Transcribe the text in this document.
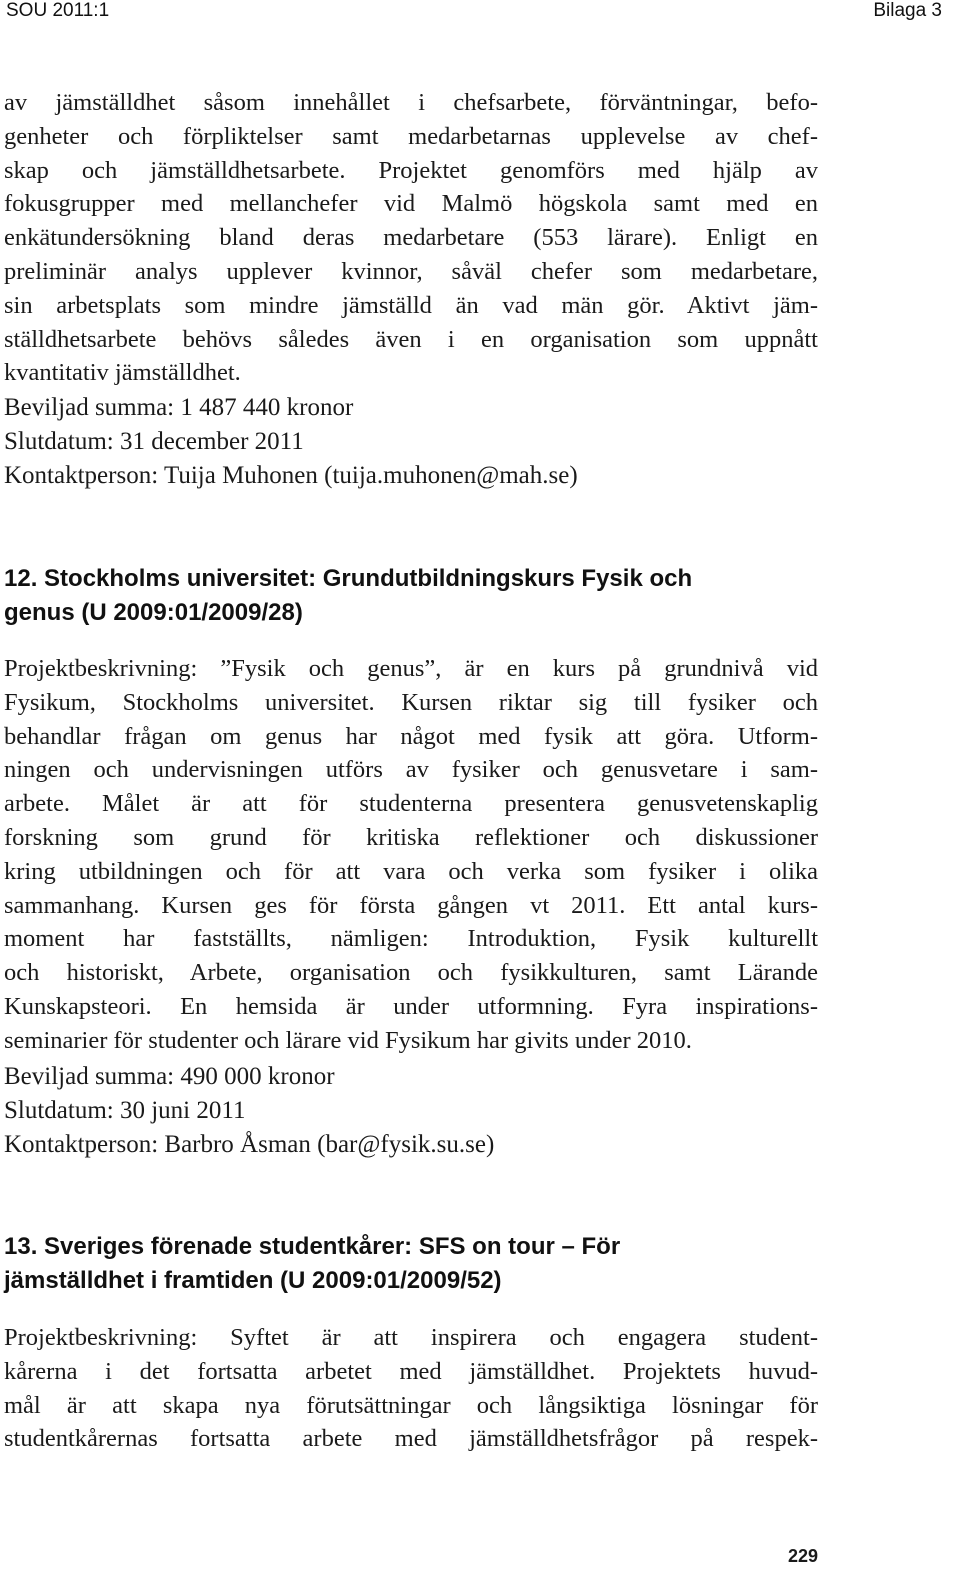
SOU 2011:1	Bilaga 3
av jämställdhet såsom innehållet i chefsarbete, förväntningar, befo-
genheter och förpliktelser samt medarbetarnas upplevelse av chef-
skap och jämställdhetsarbete. Projektet genomförs med hjälp av
fokusgrupper med mellanchefer vid Malmö högskola samt med en
enkätundersökning bland deras medarbetare (553 lärare). Enligt en
preliminär analys upplever kvinnor, såväl chefer som medarbetare,
sin arbetsplats som mindre jämställd än vad män gör. Aktivt jäm-
ställdhetsarbete behövs således även i en organisation som uppnått
kvantitativ jämställdhet.
Beviljad summa: 1 487 440 kronor
Slutdatum: 31 december 2011
Kontaktperson: Tuija Muhonen (tuija.muhonen@mah.se)
12. Stockholms universitet: Grundutbildningskurs Fysik och
genus (U 2009:01/2009/28)
Projektbeskrivning: ”Fysik och genus”, är en kurs på grundnivå vid
Fysikum, Stockholms universitet. Kursen riktar sig till fysiker och
behandlar frågan om genus har något med fysik att göra. Utform-
ningen och undervisningen utförs av fysiker och genusvetare i sam-
arbete. Målet är att för studenterna presentera genusvetenskaplig
forskning som grund för kritiska reflektioner och diskussioner
kring utbildningen och för att vara och verka som fysiker i olika
sammanhang. Kursen ges för första gången vt 2011. Ett antal kurs-
moment har fastställts, nämligen: Introduktion, Fysik kulturellt
och historiskt, Arbete, organisation och fysikkulturen, samt Lärande
Kunskapsteori. En hemsida är under utformning. Fyra inspirations-
seminarier för studenter och lärare vid Fysikum har givits under 2010.
Beviljad summa: 490 000 kronor
Slutdatum: 30 juni 2011
Kontaktperson: Barbro Åsman (bar@fysik.su.se)
13. Sveriges förenade studentkårer: SFS on tour – För
jämställdhet i framtiden (U 2009:01/2009/52)
Projektbeskrivning: Syftet är att inspirera och engagera student-
kårerna i det fortsatta arbetet med jämställdhet. Projektets huvud-
mål är att skapa nya förutsättningar och långsiktiga lösningar för
studentkårernas fortsatta arbete med jämställdhetsfrågor på respek-
229
